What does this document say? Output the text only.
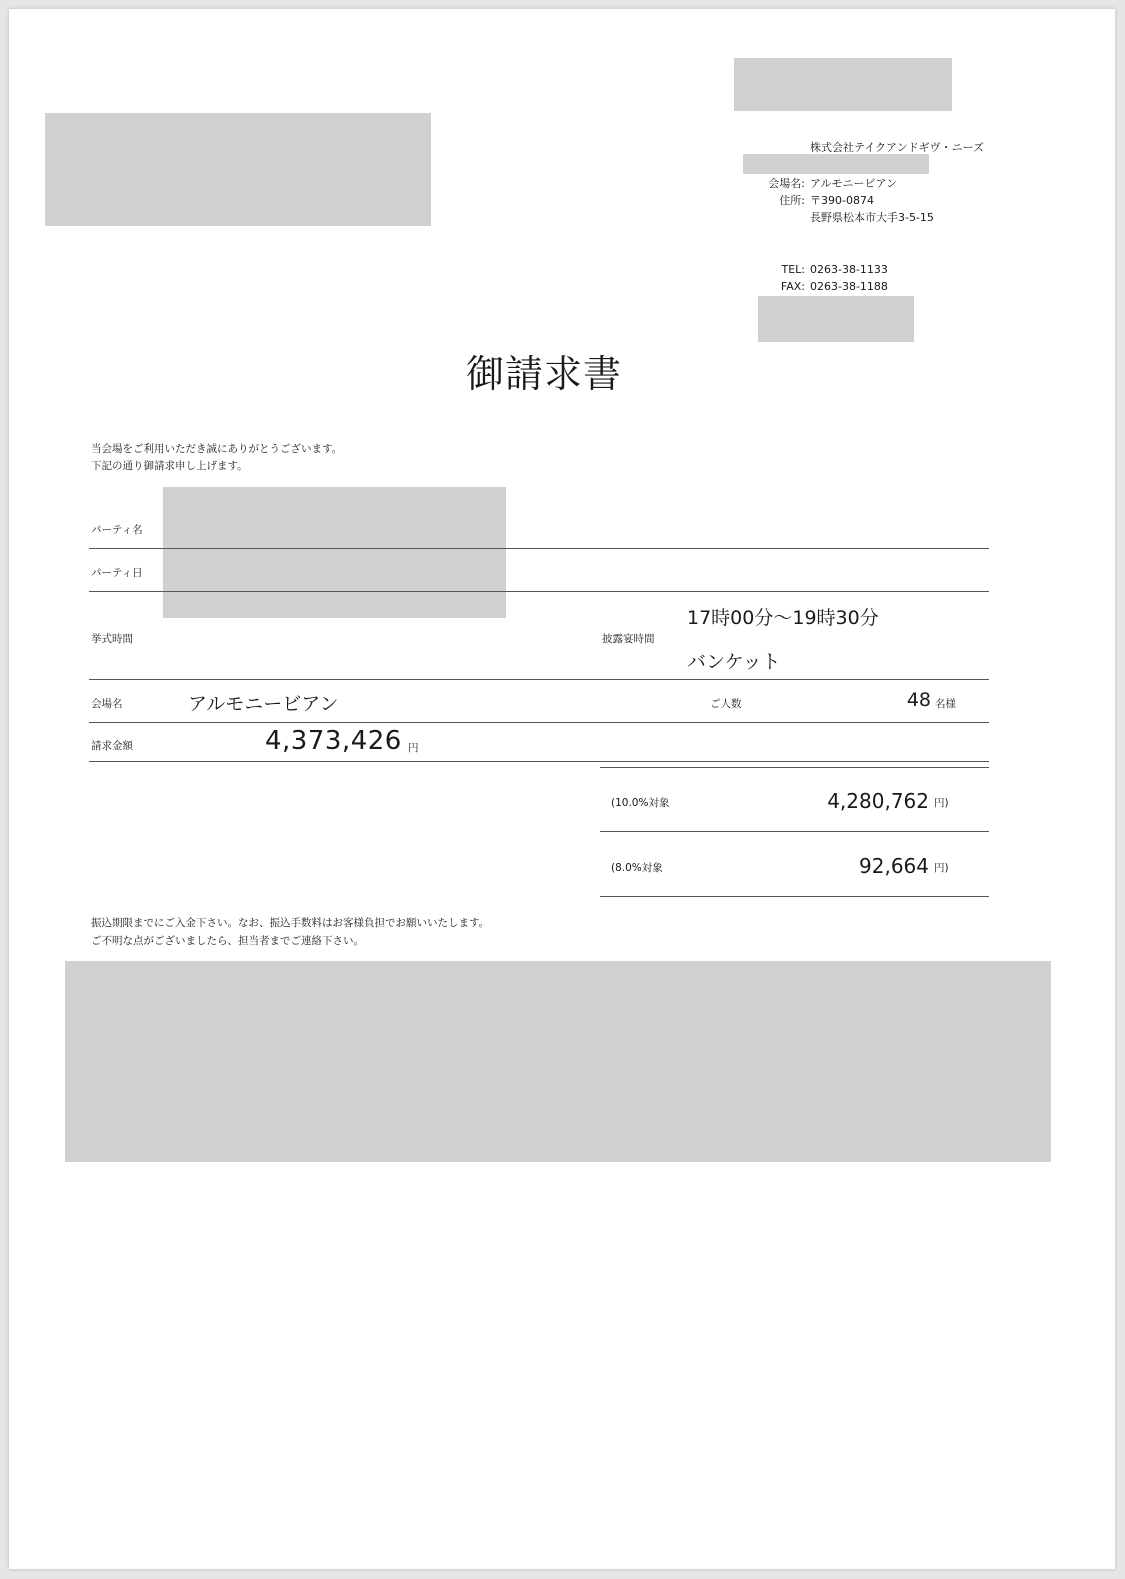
株式会社テイクアンドギヴ・ニーズ
会場名: アルモニービアン
住所: 〒390-0874
長野県松本市大手3-5-15
TEL: 0263-38-1133
FAX: 0263-38-1188
御請求書
当会場をご利用いただき誠にありがとうございます。
下記の通り御請求申し上げます。
パーティ名
パーティ日
挙式時間	披露宴時間
17時00分～19時30分
バンケット
会場名	アルモニービアン	ご人数	48 名様
請求金額	4,373,426 円
(10.0%対象	4,280,762 円)
(8.0%対象	92,664 円)
振込期限までにご入金下さい。なお、振込手数料はお客様負担でお願いいたします。
ご不明な点がございましたら、担当者までご連絡下さい。
